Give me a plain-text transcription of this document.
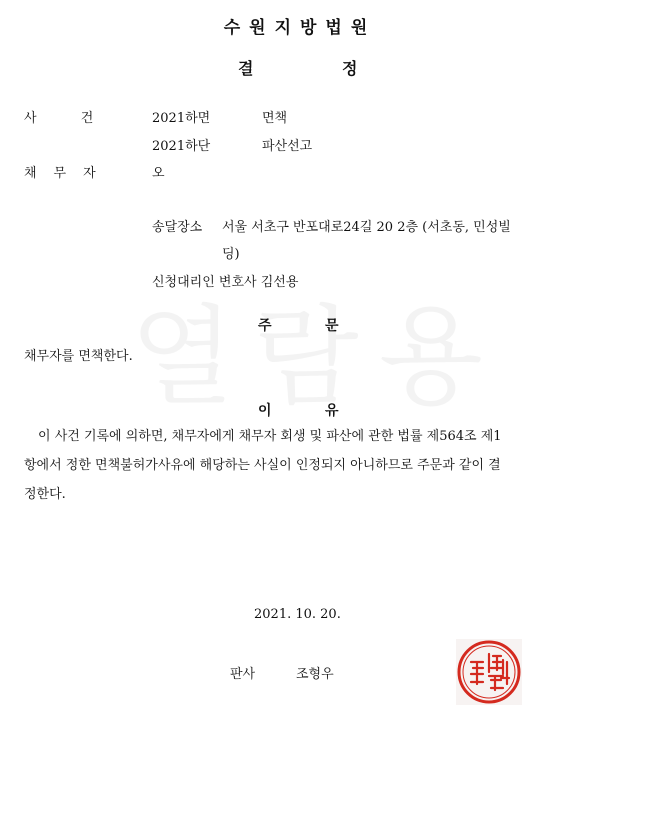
수원지방법원
결	정
사 건	2021하면	면책
2021하단	파산선고
채무자	오
송달장소 서울 서초구 반포대로24길 20 2층 (서초동, 민성빌
딩)
신청대리인 변호사 김선용
주	문
채무자를 면책한다.
이	유
이 사건 기록에 의하면, 채무자에게 채무자 회생 및 파산에 관한 법률 제564조 제1
항에서 정한 면책불허가사유에 해당하는 사실이 인정되지 아니하므로 주문과 같이 결
정한다.
2021. 10. 20.
판사	조형우
